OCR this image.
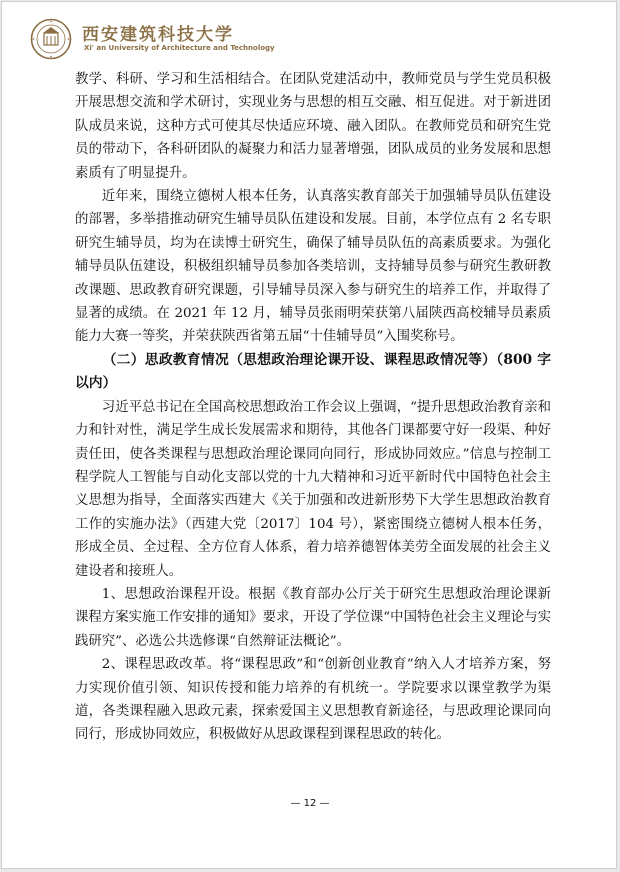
西安建筑科技大学
Xi' an University of Architecture and Technology

教学、科研、学习和生活相结合。在团队党建活动中，教师党员与学生党员积极开展思想交流和学术研讨，实现业务与思想的相互交融、相互促进。对于新进团队成员来说，这种方式可使其尽快适应环境、融入团队。在教师党员和研究生党员的带动下，各科研团队的凝聚力和活力显著增强，团队成员的业务发展和思想素质有了明显提升。

近年来，围绕立德树人根本任务，认真落实教育部关于加强辅导员队伍建设的部署，多举措推动研究生辅导员队伍建设和发展。目前，本学位点有 2 名专职研究生辅导员，均为在读博士研究生，确保了辅导员队伍的高素质要求。为强化辅导员队伍建设，积极组织辅导员参加各类培训，支持辅导员参与研究生教研教改课题、思政教育研究课题，引导辅导员深入参与研究生的培养工作，并取得了显著的成绩。在 2021 年 12 月，辅导员张雨明荣获第八届陕西高校辅导员素质能力大赛一等奖，并荣获陕西省第五届“十佳辅导员”入围奖称号。

（二）思政教育情况（思想政治理论课开设、课程思政情况等）（800 字以内）

习近平总书记在全国高校思想政治工作会议上强调，“提升思想政治教育亲和力和针对性，满足学生成长发展需求和期待，其他各门课都要守好一段渠、种好责任田，使各类课程与思想政治理论课同向同行，形成协同效应。”信息与控制工程学院人工智能与自动化支部以党的十九大精神和习近平新时代中国特色社会主义思想为指导，全面落实西建大《关于加强和改进新形势下大学生思想政治教育工作的实施办法》（西建大党〔2017〕104 号），紧密围绕立德树人根本任务，形成全员、全过程、全方位育人体系，着力培养德智体美劳全面发展的社会主义建设者和接班人。

1、思想政治课程开设。根据《教育部办公厅关于研究生思想政治理论课新课程方案实施工作安排的通知》要求，开设了学位课“中国特色社会主义理论与实践研究”、必选公共选修课“自然辩证法概论”。

2、课程思政改革。将“课程思政”和“创新创业教育”纳入人才培养方案，努力实现价值引领、知识传授和能力培养的有机统一。学院要求以课堂教学为渠道，各类课程融入思政元素，探索爱国主义思想教育新途径，与思政理论课同向同行，形成协同效应，积极做好从思政课程到课程思政的转化。

— 12 —
